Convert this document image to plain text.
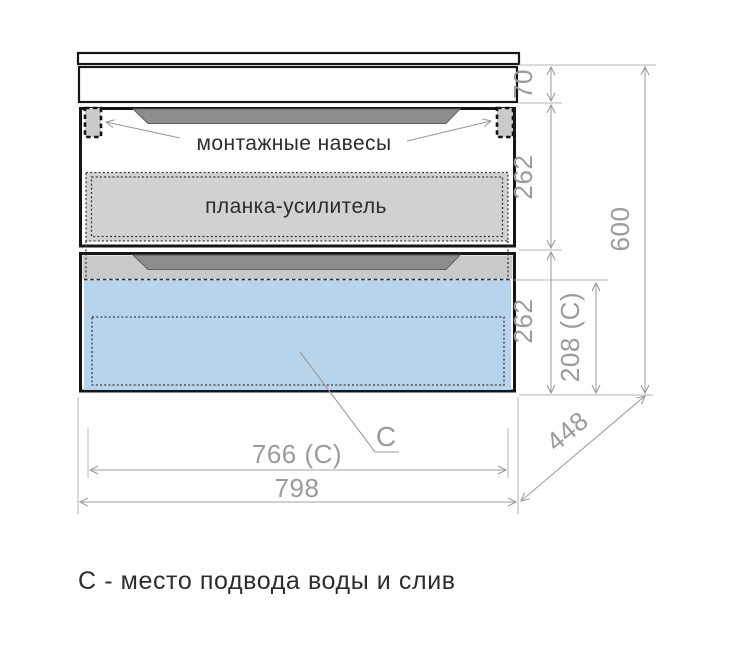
монтажные навесы
планка-усилитель
C
70
262
262 208 (C)
600
448
766 (C)
798
С - место подвода воды и слив
